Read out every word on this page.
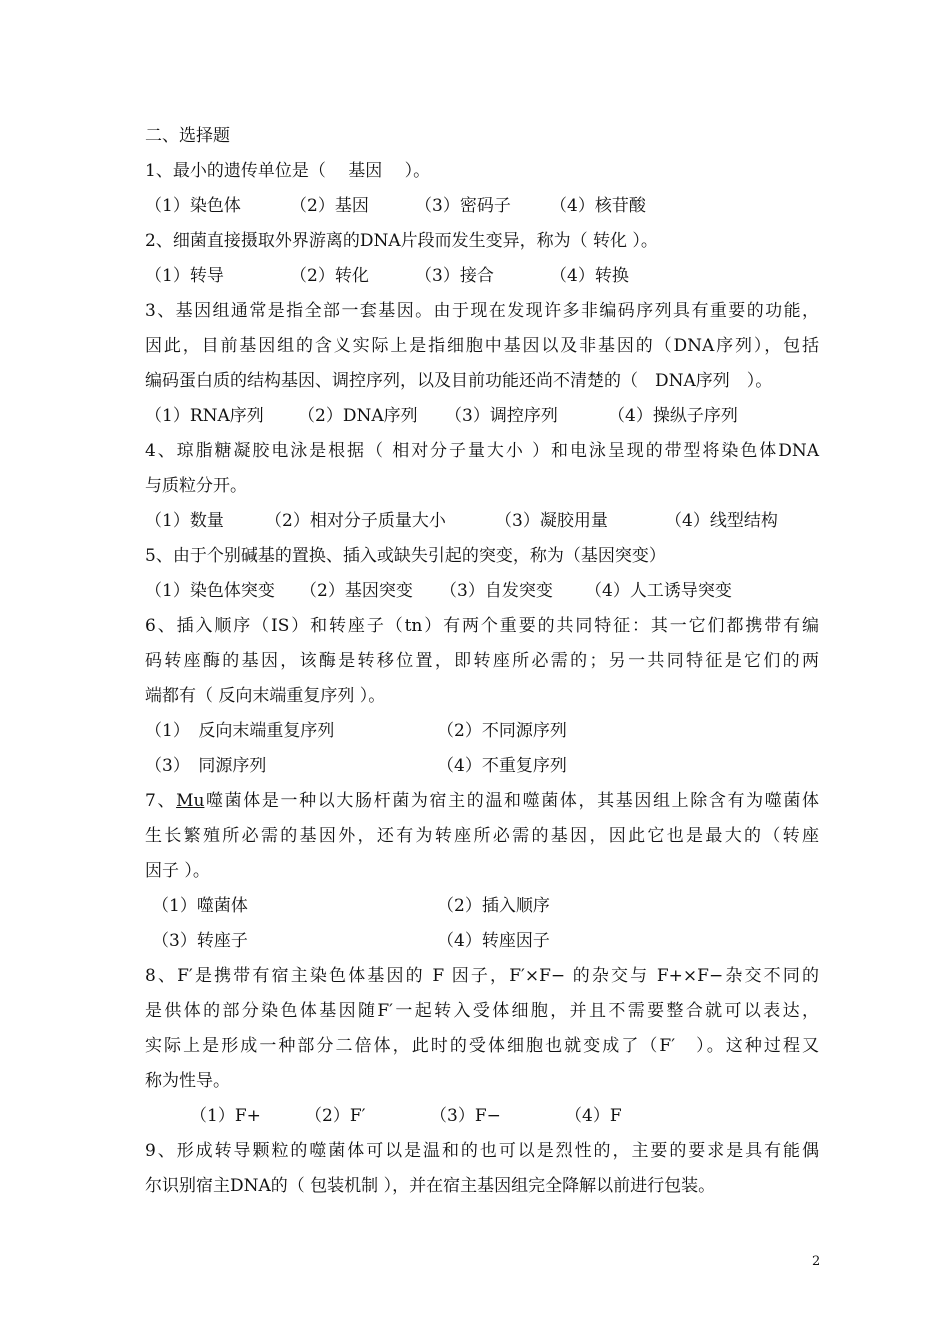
二、选择题
1、最小的遗传单位是（　 基因　 ）。
（1）染色体	（2）基因	（3）密码子 （4）核苷酸
2、细菌直接摄取外界游离的DNA片段而发生变异，称为（ 转化 ）。
（1）转导	（2）转化	（3）接合	（4）转换
3、基因组通常是指全部一套基因。由于现在发现许多非编码序列具有重要的功能，
因此，目前基因组的含义实际上是指细胞中基因以及非基因的（DNA序列），包括
编码蛋白质的结构基因、调控序列，以及目前功能还尚不清楚的（　DNA序列　）。
（1）RNA序列 （2）DNA序列 （3）调控序列	（4）操纵子序列
4、琼脂糖凝胶电泳是根据（ 相对分子量大小 ）和电泳呈现的带型将染色体DNA
与质粒分开。
（1）数量 （2）相对分子质量大小	（3）凝胶用量	（4）线型结构
5、由于个别碱基的置换、插入或缺失引起的突变，称为（基因突变）
（1）染色体突变 （2）基因突变 （3）自发突变 （4）人工诱导突变
6、插入顺序（IS）和转座子（tn）有两个重要的共同特征：其一它们都携带有编
码转座酶的基因，该酶是转移位置，即转座所必需的；另一共同特征是它们的两
端都有（ 反向末端重复序列 ）。
（1）　反向末端重复序列	（2）不同源序列
（3）　同源序列	（4）不重复序列
7、Mu噬菌体是一种以大肠杆菌为宿主的温和噬菌体，其基因组上除含有为噬菌体
生长繁殖所必需的基因外，还有为转座所必需的基因，因此它也是最大的（转座
因子 ）。
（1）噬菌体	（2）插入顺序
（3）转座子	（4）转座因子
8、F′是携带有宿主染色体基因的 F 因子，F′×F− 的杂交与 F+×F−杂交不同的
是供体的部分染色体基因随F′一起转入受体细胞，并且不需要整合就可以表达，
实际上是形成一种部分二倍体，此时的受体细胞也就变成了（F′　）。这种过程又
称为性导。
（1）F+	（2）F′	（3）F−	（4）F
9、形成转导颗粒的噬菌体可以是温和的也可以是烈性的，主要的要求是具有能偶
尔识别宿主DNA的（ 包装机制 ），并在宿主基因组完全降解以前进行包装。
2
